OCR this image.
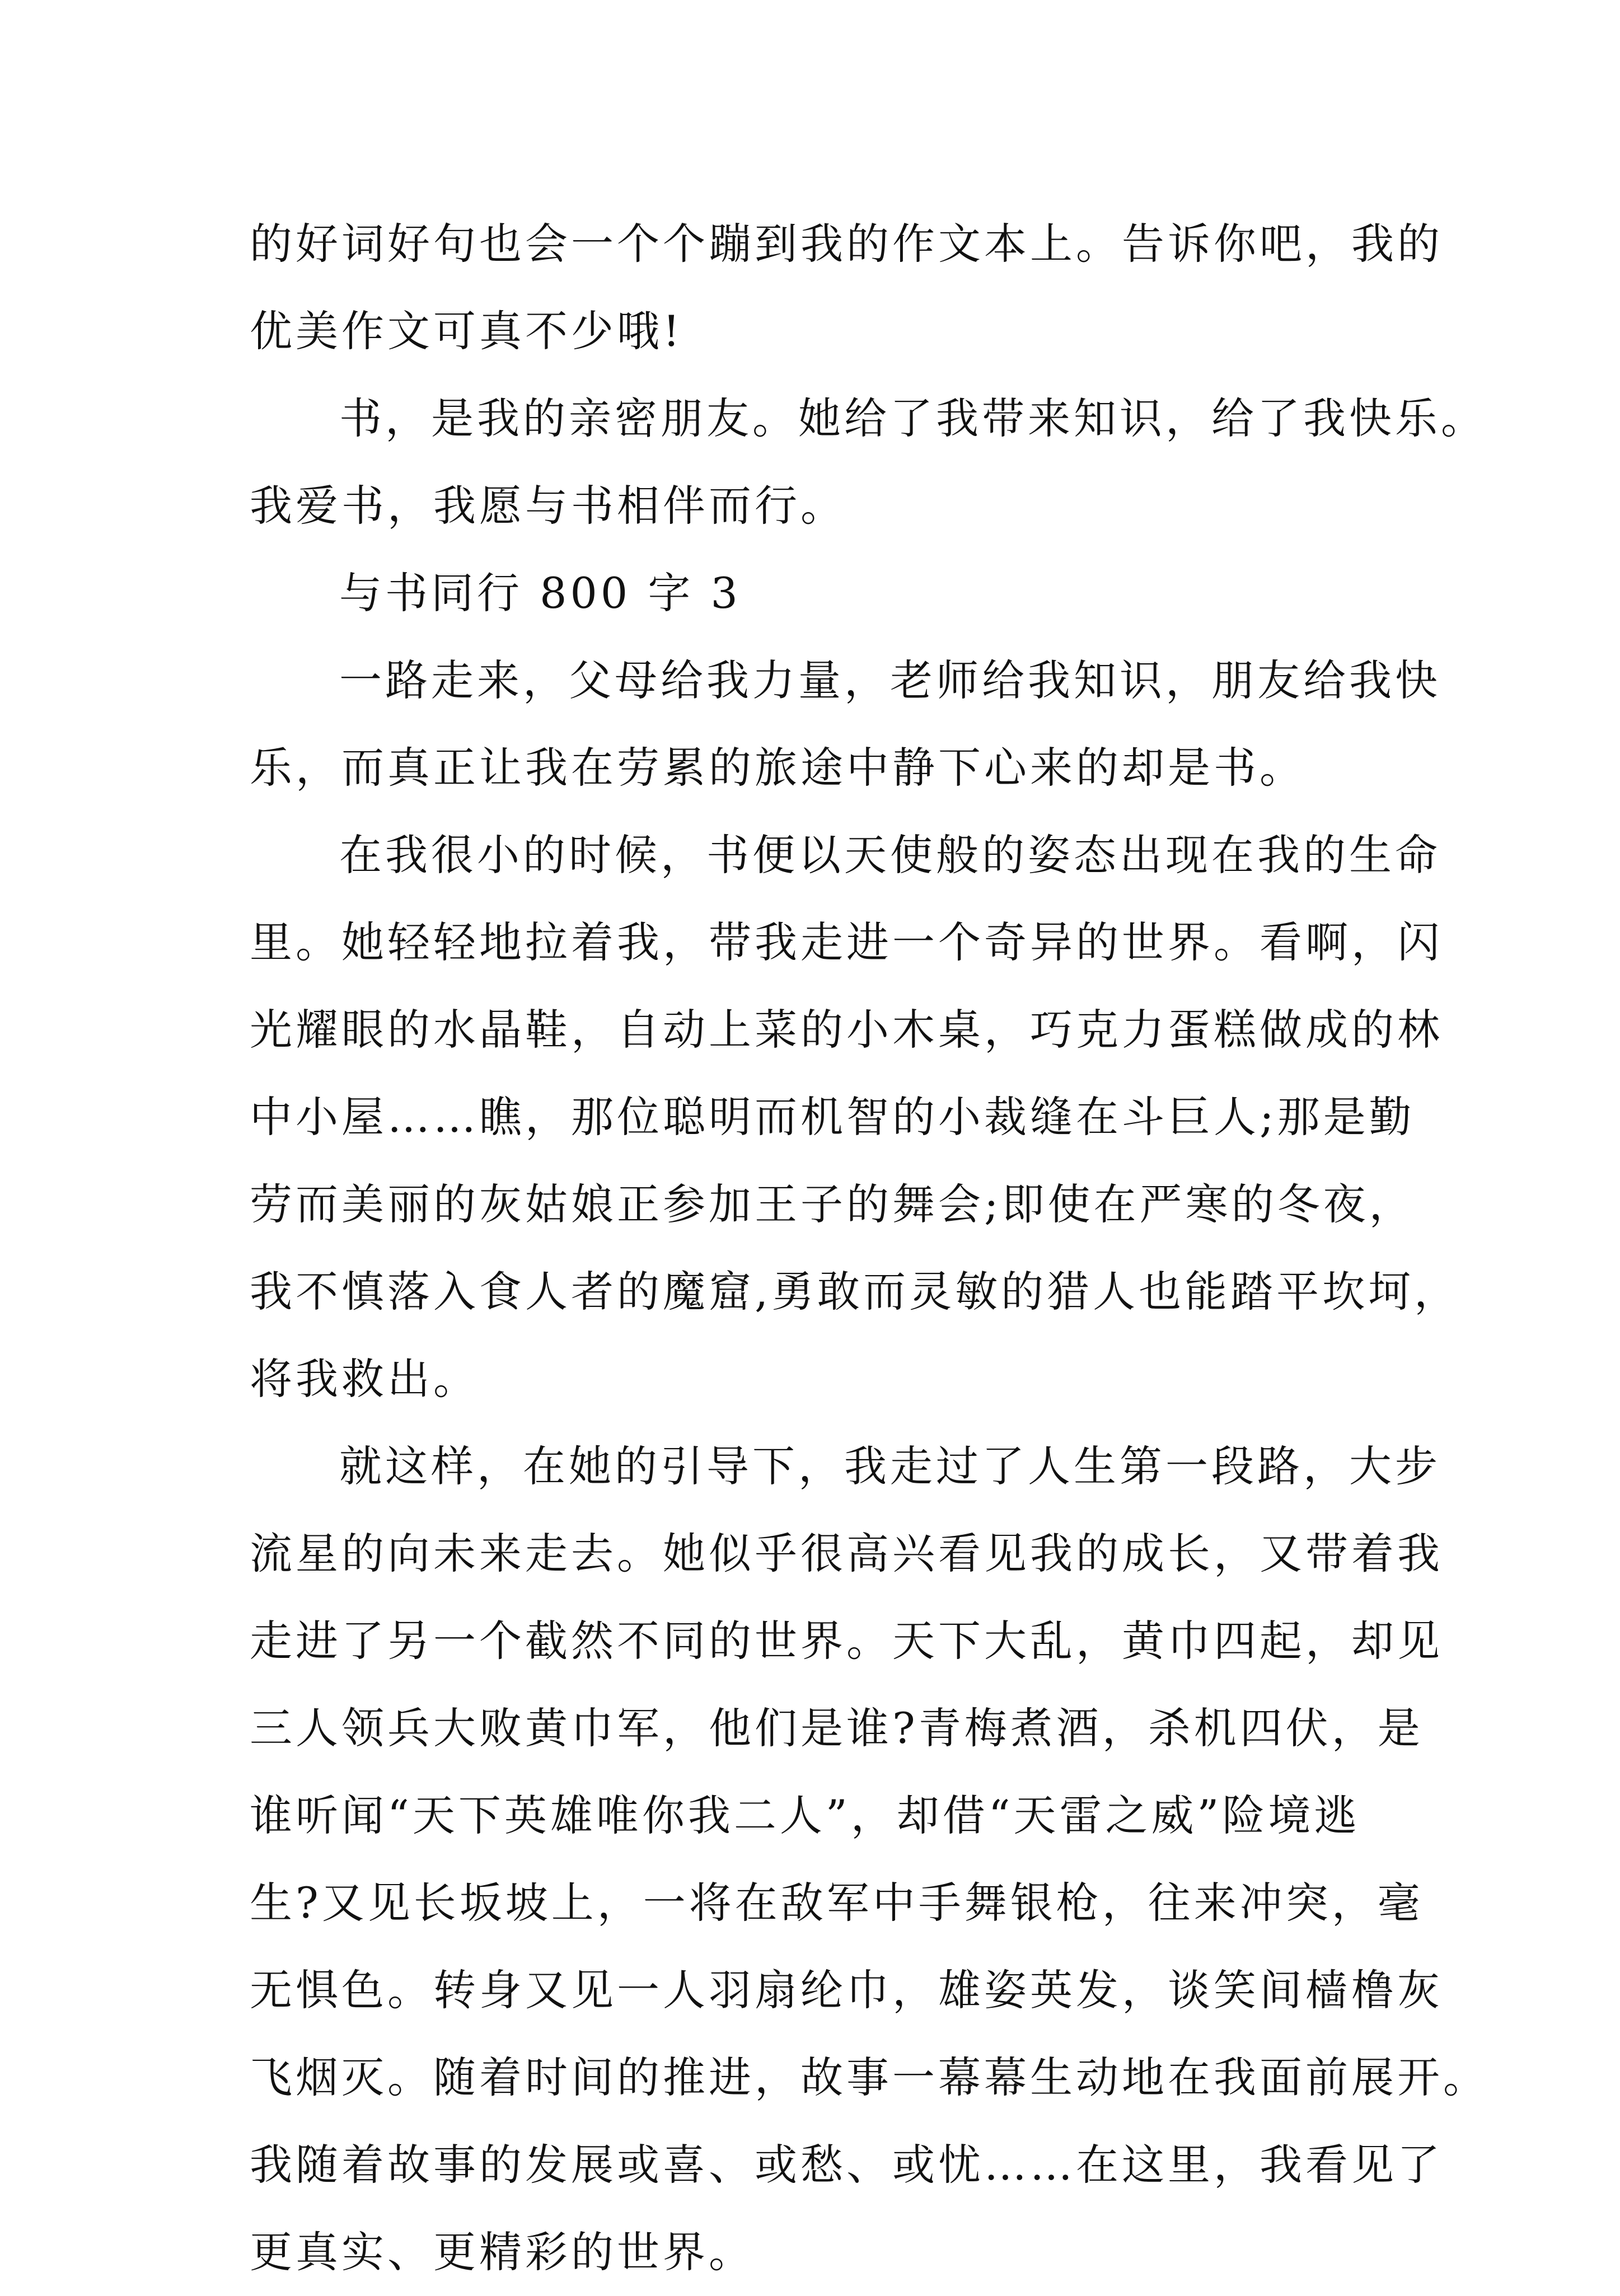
的好词好句也会一个个蹦到我的作文本上。告诉你吧，我的
优美作文可真不少哦!

书，是我的亲密朋友。她给了我带来知识，给了我快乐。
我爱书，我愿与书相伴而行。

与书同行 800 字 3

一路走来，父母给我力量，老师给我知识，朋友给我快
乐，而真正让我在劳累的旅途中静下心来的却是书。

在我很小的时候，书便以天使般的姿态出现在我的生命
里。她轻轻地拉着我，带我走进一个奇异的世界。看啊，闪
光耀眼的水晶鞋，自动上菜的小木桌，巧克力蛋糕做成的林
中小屋……瞧，那位聪明而机智的小裁缝在斗巨人;那是勤
劳而美丽的灰姑娘正参加王子的舞会;即使在严寒的冬夜，
我不慎落入食人者的魔窟,勇敢而灵敏的猎人也能踏平坎坷，
将我救出。

就这样，在她的引导下，我走过了人生第一段路，大步
流星的向未来走去。她似乎很高兴看见我的成长，又带着我
走进了另一个截然不同的世界。天下大乱，黄巾四起，却见
三人领兵大败黄巾军，他们是谁?青梅煮酒，杀机四伏，是
谁听闻“天下英雄唯你我二人”，却借“天雷之威”险境逃
生?又见长坂坡上，一将在敌军中手舞银枪，往来冲突，毫
无惧色。转身又见一人羽扇纶巾，雄姿英发，谈笑间樯橹灰
飞烟灭。随着时间的推进，故事一幕幕生动地在我面前展开。
我随着故事的发展或喜、或愁、或忧……在这里，我看见了
更真实、更精彩的世界。
